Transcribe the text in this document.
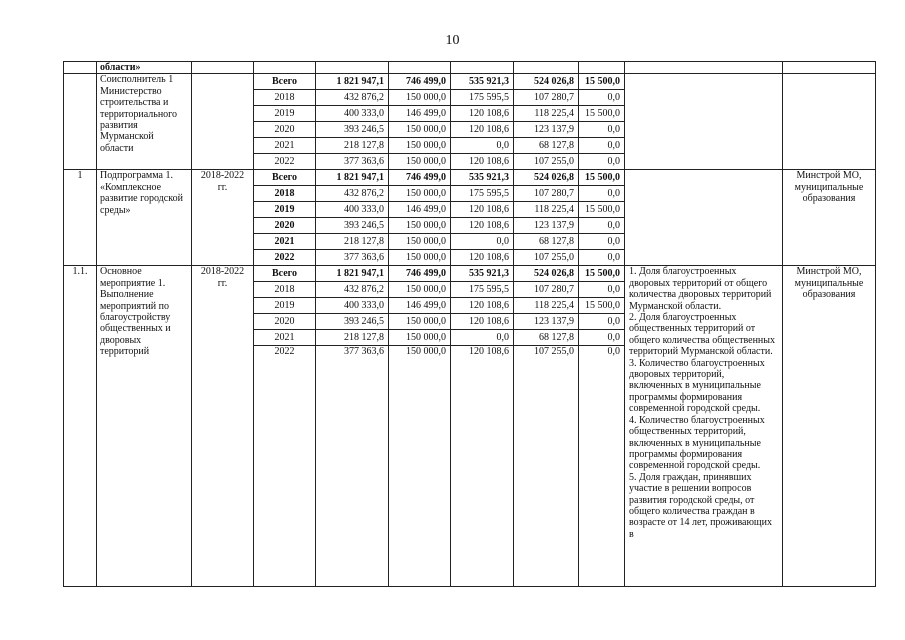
10
	области»									
	Соисполнитель 1 Министерство строительства и территориального развития Мурманской области		Всего	1 821 947,1	746 499,0	535 921,3	524 026,8	15 500,0		
			2018	432 876,2	150 000,0	175 595,5	107 280,7	0,0		
			2019	400 333,0	146 499,0	120 108,6	118 225,4	15 500,0		
			2020	393 246,5	150 000,0	120 108,6	123 137,9	0,0		
			2021	218 127,8	150 000,0	0,0	68 127,8	0,0		
			2022	377 363,6	150 000,0	120 108,6	107 255,0	0,0		
1	Подпрограмма 1. «Комплексное развитие городской среды»	2018-2022 гг.	Всего	1 821 947,1	746 499,0	535 921,3	524 026,8	15 500,0		Минстрой МО, муниципальные образования
			2018	432 876,2	150 000,0	175 595,5	107 280,7	0,0		
			2019	400 333,0	146 499,0	120 108,6	118 225,4	15 500,0		
			2020	393 246,5	150 000,0	120 108,6	123 137,9	0,0		
			2021	218 127,8	150 000,0	0,0	68 127,8	0,0		
			2022	377 363,6	150 000,0	120 108,6	107 255,0	0,0		
1.1.	Основное мероприятие 1. Выполнение мероприятий по благоустройству общественных и дворовых территорий	2018-2022 гг.	Всего	1 821 947,1	746 499,0	535 921,3	524 026,8	15 500,0	1. Доля благоустроенных дворовых территорий от общего количества дворовых территорий Мурманской области.
2. Доля благоустроенных общественных территорий от общего количества общественных территорий Мурманской области.
3. Количество благоустроенных дворовых территорий, включенных в муниципальные программы формирования современной городской среды.
4. Количество благоустроенных общественных территорий, включенных в муниципальные программы формирования современной городской среды.
5. Доля граждан, принявших участие в решении вопросов развития городской среды, от общего количества граждан в возрасте от 14 лет, проживающих в	Минстрой МО, муниципальные образования
			2018	432 876,2	150 000,0	175 595,5	107 280,7	0,0		
			2019	400 333,0	146 499,0	120 108,6	118 225,4	15 500,0		
			2020	393 246,5	150 000,0	120 108,6	123 137,9	0,0		
			2021	218 127,8	150 000,0	0,0	68 127,8	0,0		
			2022	377 363,6	150 000,0	120 108,6	107 255,0	0,0		
